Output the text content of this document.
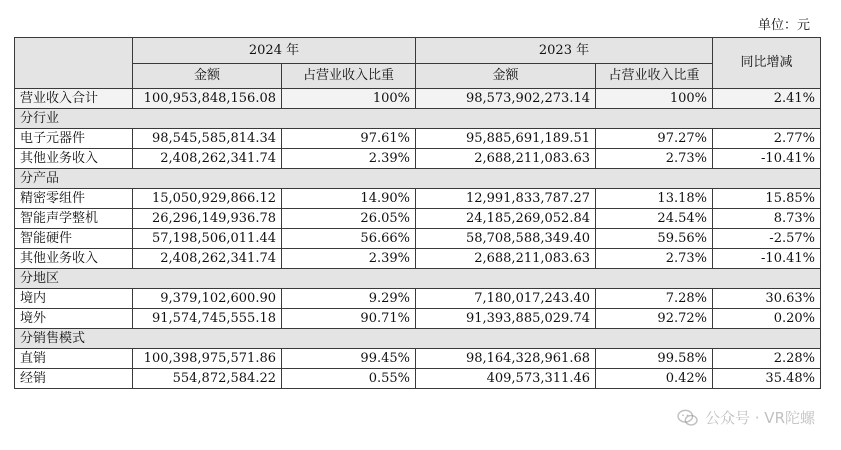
单位：元
	2024 年		2023 年		同比增减
	金额	占营业收入比重	金额	占营业收入比重	
营业收入合计	100,953,848,156.08	100%	98,573,902,273.14	100%	2.41%
分行业					
电子元器件	98,545,585,814.34	97.61%	95,885,691,189.51	97.27%	2.77%
其他业务收入	2,408,262,341.74	2.39%	2,688,211,083.63	2.73%	-10.41%
分产品					
精密零组件	15,050,929,866.12	14.90%	12,991,833,787.27	13.18%	15.85%
智能声学整机	26,296,149,936.78	26.05%	24,185,269,052.84	24.54%	8.73%
智能硬件	57,198,506,011.44	56.66%	58,708,588,349.40	59.56%	-2.57%
其他业务收入	2,408,262,341.74	2.39%	2,688,211,083.63	2.73%	-10.41%
分地区					
境内	9,379,102,600.90	9.29%	7,180,017,243.40	7.28%	30.63%
境外	91,574,745,555.18	90.71%	91,393,885,029.74	92.72%	0.20%
分销售模式					
直销	100,398,975,571.86	99.45%	98,164,328,961.68	99.58%	2.28%
经销	554,872,584.22	0.55%	409,573,311.46	0.42%	35.48%
公众号 · VR陀螺
